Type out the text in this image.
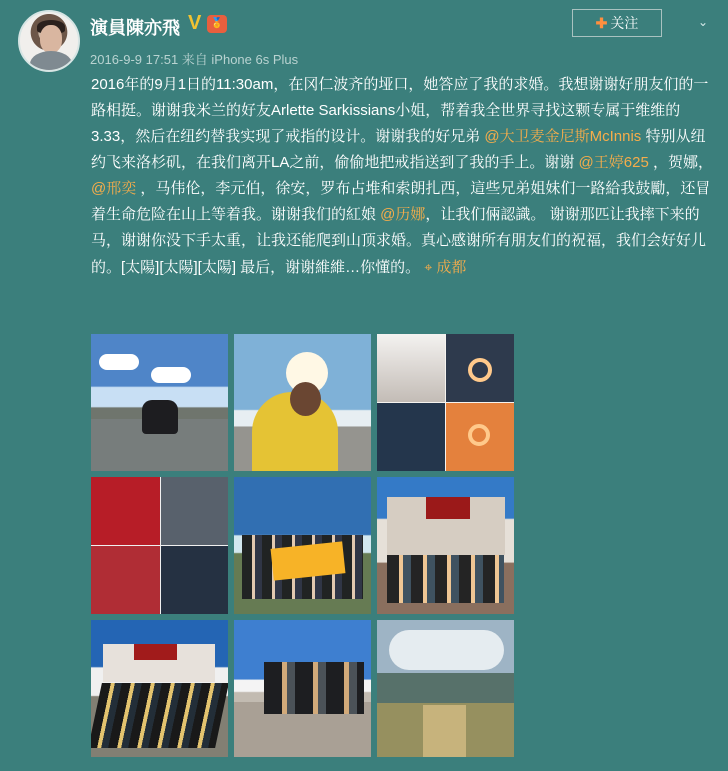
演員陳亦飛 V 🏅
2016-9-9 17:51 来自 iPhone 6s Plus
✚ 关注	⌄
2016年的9月1日的11:30am，在冈仁波齐的垭口，她答应了我的求婚。我想谢谢好朋友们的一路相挺。谢谢我米兰的好友Arlette Sarkissians小姐，帮着我全世界寻找这颗专属于维维的3.33，然后在纽约替我实现了戒指的设计。谢谢我的好兄弟 @大卫麦金尼斯McInnis 特别从纽约飞来洛杉矶，在我们离开LA之前，偷偷地把戒指送到了我的手上。谢谢 @王婷625 ，贺娜，@邢奕 ，马伟伦，李元伯，徐安，罗布占堆和索朗扎西，這些兄弟姐妹们一路給我鼓勵，还冒着生命危险在山上等着我。谢谢我们的紅娘 @历娜，让我们倆認識。 谢谢那匹让我摔下来的马，谢谢你没下手太重，让我还能爬到山顶求婚。真心感谢所有朋友们的祝福，我们会好好儿的。[太陽][太陽][太陽] 最后，谢谢維維…你懂的。 ⌖ 成都
